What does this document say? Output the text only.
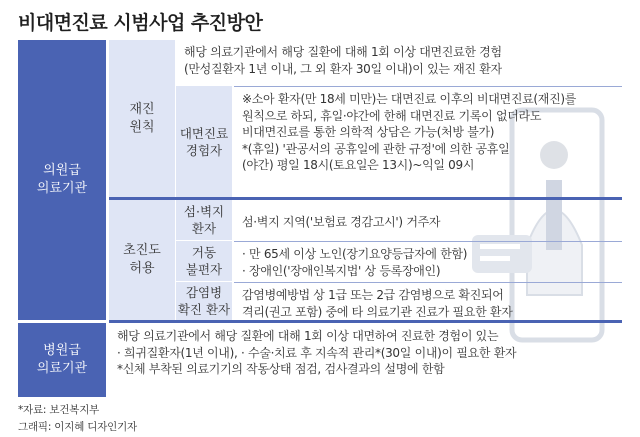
비대면진료 시범사업 추진방안
의원급
의료기관
재진
원칙 대면진료
경험자
해당 의료기관에서 해당 질환에 대해 1회 이상 대면진료한 경험
(만성질환자 1년 이내, 그 외 환자 30일 이내)이 있는 재진 환자
※소아 환자(만 18세 미만)는 대면진료 이후의 비대면진료(재진)를
원칙으로 하되, 휴일·야간에 한해 대면진료 기록이 없더라도
비대면진료를 통한 의학적 상담은 가능(처방 불가)
*(휴일) '관공서의 공휴일에 관한 규정'에 의한 공휴일
(야간) 평일 18시(토요일은 13시)~익일 09시
초진도
허용
섬·벽지
환자	섬·벽지 지역('보험료 경감고시') 거주자
거동
불편자
· 만 65세 이상 노인(장기요양등급자에 한함)
· 장애인('장애인복지법' 상 등록장애인)
감염병
확진 환자
감염병예방법 상 1급 또는 2급 감염병으로 확진되어
격리(권고 포함) 중에 타 의료기관 진료가 필요한 환자
병원급
의료기관
해당 의료기관에서 해당 질환에 대해 1회 이상 대면하여 진료한 경험이 있는
· 희귀질환자(1년 이내), · 수술·치료 후 지속적 관리*(30일 이내)이 필요한 환자
*신체 부착된 의료기기의 작동상태 점검, 검사결과의 설명에 한함
*자료: 보건복지부
그래픽: 이지혜 디자인기자
